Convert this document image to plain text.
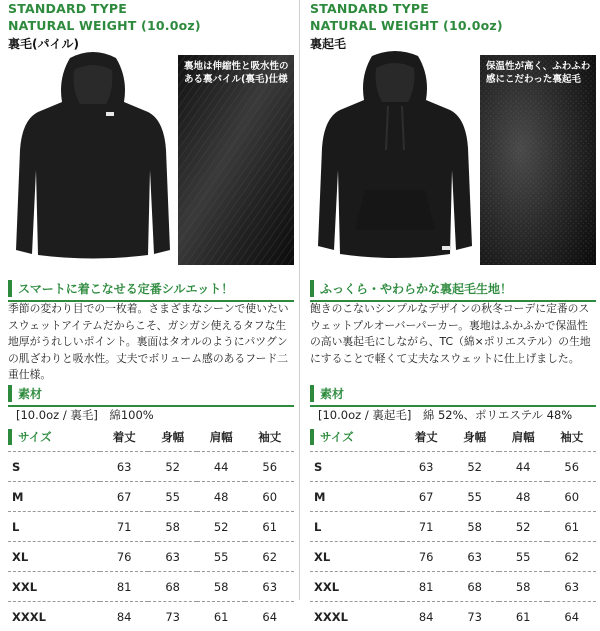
STANDARD TYPE
NATURAL WEIGHT (10.0oz)
裏毛(パイル)
裏地は伸縮性と吸水性のある裏パイル(裏毛)仕様
スマートに着こなせる定番シルエット！
季節の変わり目での一枚着。さまざまなシーンで使いたいスウェットアイテムだからこそ、ガシガシ使えるタフな生地厚がうれしいポイント。裏面はタオルのようにパツグンの肌ざわりと吸水性。丈夫でボリューム感のあるフード二重仕様。
素材
[10.0oz / 裏毛]　綿100%
サイズ	着丈	身幅	肩幅	袖丈
S	63	52	44	56
M	67	55	48	60
L	71	58	52	61
XL	76	63	55	62
XXL	81	68	58	63
XXXL	84	73	61	64
STANDARD TYPE
NATURAL WEIGHT (10.0oz)
裏起毛
保温性が高く、ふわふわ感にこだわった裏起毛
ふっくら・やわらかな裏起毛生地！
飽きのこないシンプルなデザインの秋冬コーデに定番のスウェットプルオーバーパーカー。裏地はふかふかで保温性の高い裏起毛にしながら、TC（綿×ポリエステル）の生地にすることで軽くて丈夫なスウェットに仕上げました。
素材
[10.0oz / 裏起毛]　綿 52%、ポリエステル 48%
サイズ	着丈	身幅	肩幅	袖丈
S	63	52	44	56
M	67	55	48	60
L	71	58	52	61
XL	76	63	55	62
XXL	81	68	58	63
XXXL	84	73	61	64
